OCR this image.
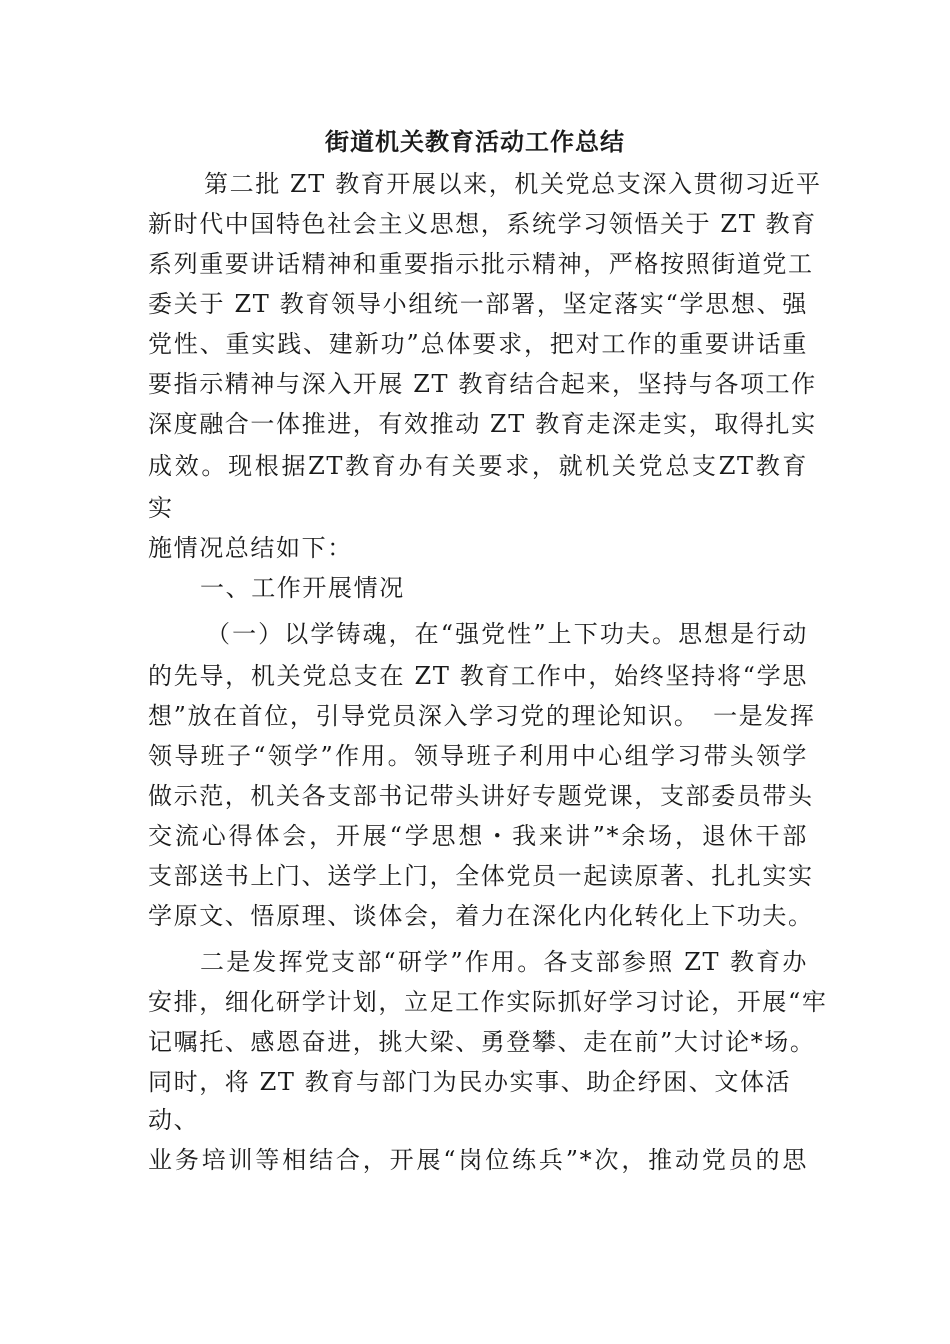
街道机关教育活动工作总结
第二批 ZT 教育开展以来，机关党总支深入贯彻习近平
新时代中国特色社会主义思想，系统学习领悟关于 ZT 教育
系列重要讲话精神和重要指示批示精神，严格按照街道党工
委关于 ZT 教育领导小组统一部署，坚定落实“学思想、强
党性、重实践、建新功”总体要求，把对工作的重要讲话重
要指示精神与深入开展 ZT 教育结合起来，坚持与各项工作
深度融合一体推进，有效推动 ZT 教育走深走实，取得扎实
成效。现根据ZT教育办有关要求，就机关党总支ZT教育
实
施情况总结如下：
一、工作开展情况
（一）以学铸魂，在“强党性”上下功夫。思想是行动
的先导，机关党总支在 ZT 教育工作中，始终坚持将“学思
想”放在首位，引导党员深入学习党的理论知识。　一是发挥
领导班子“领学”作用。领导班子利用中心组学习带头领学
做示范，机关各支部书记带头讲好专题党课，支部委员带头
交流心得体会，开展“学思想・我来讲”*余场，退休干部
支部送书上门、送学上门，全体党员一起读原著、扎扎实实
学原文、悟原理、谈体会，着力在深化内化转化上下功夫。
二是发挥党支部“研学”作用。各支部参照 ZT 教育办
安排，细化研学计划，立足工作实际抓好学习讨论，开展“牢
记嘱托、感恩奋进，挑大梁、勇登攀、走在前”大讨论*场。
同时，将 ZT 教育与部门为民办实事、助企纾困、文体活
动、
业务培训等相结合，开展“岗位练兵”*次，推动党员的思
